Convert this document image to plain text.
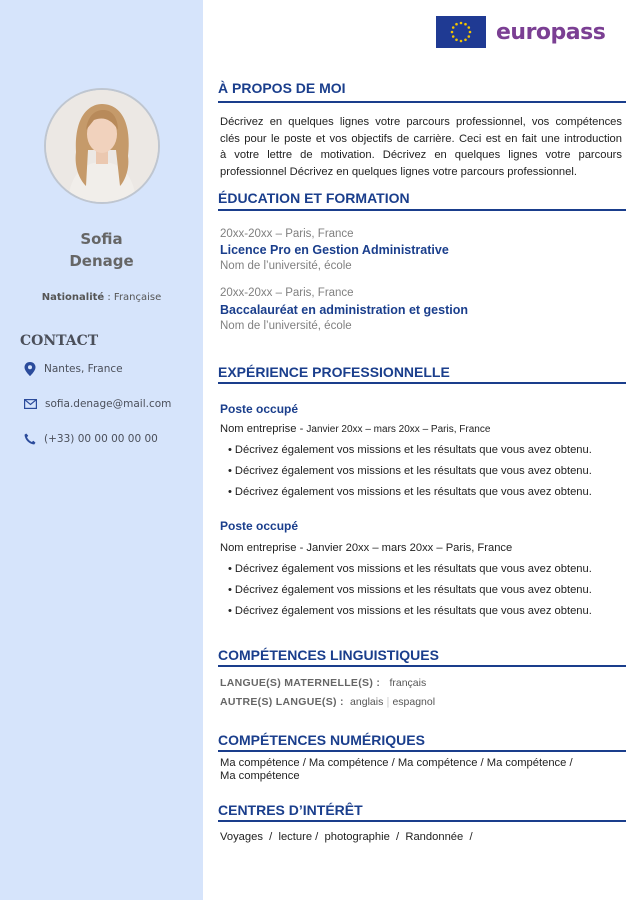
Sofia
Denage
Nationalité : Française
CONTACT
Nantes, France
sofia.denage@mail.com
(+33) 00 00 00 00 00
europass
À PROPOS DE MOI
Décrivez en quelques lignes votre parcours professionnel, vos compétences
clés pour le poste et vos objectifs de carrière. Ceci est en fait une introduction
à votre lettre de motivation. Décrivez en quelques lignes votre parcours
professionnel Décrivez en quelques lignes votre parcours professionnel.
ÉDUCATION ET FORMATION
20xx-20xx – Paris, France
Licence Pro en Gestion Administrative
Nom de l’université, école
20xx-20xx – Paris, France
Baccalauréat en administration et gestion
Nom de l’université, école
EXPÉRIENCE PROFESSIONNELLE
Poste occupé
Nom entreprise - Janvier 20xx – mars 20xx – Paris, France
• Décrivez également vos missions et les résultats que vous avez obtenu.
• Décrivez également vos missions et les résultats que vous avez obtenu.
• Décrivez également vos missions et les résultats que vous avez obtenu.
Poste occupé
Nom entreprise - Janvier 20xx – mars 20xx – Paris, France
• Décrivez également vos missions et les résultats que vous avez obtenu.
• Décrivez également vos missions et les résultats que vous avez obtenu.
• Décrivez également vos missions et les résultats que vous avez obtenu.
COMPÉTENCES LINGUISTIQUES
LANGUE(S) MATERNELLE(S) : français
AUTRE(S) LANGUE(S) : anglais | espagnol
COMPÉTENCES NUMÉRIQUES
Ma compétence / Ma compétence / Ma compétence / Ma compétence /
Ma compétence
CENTRES D’INTÉRÊT
Voyages  /  lecture /  photographie  /  Randonnée  /
